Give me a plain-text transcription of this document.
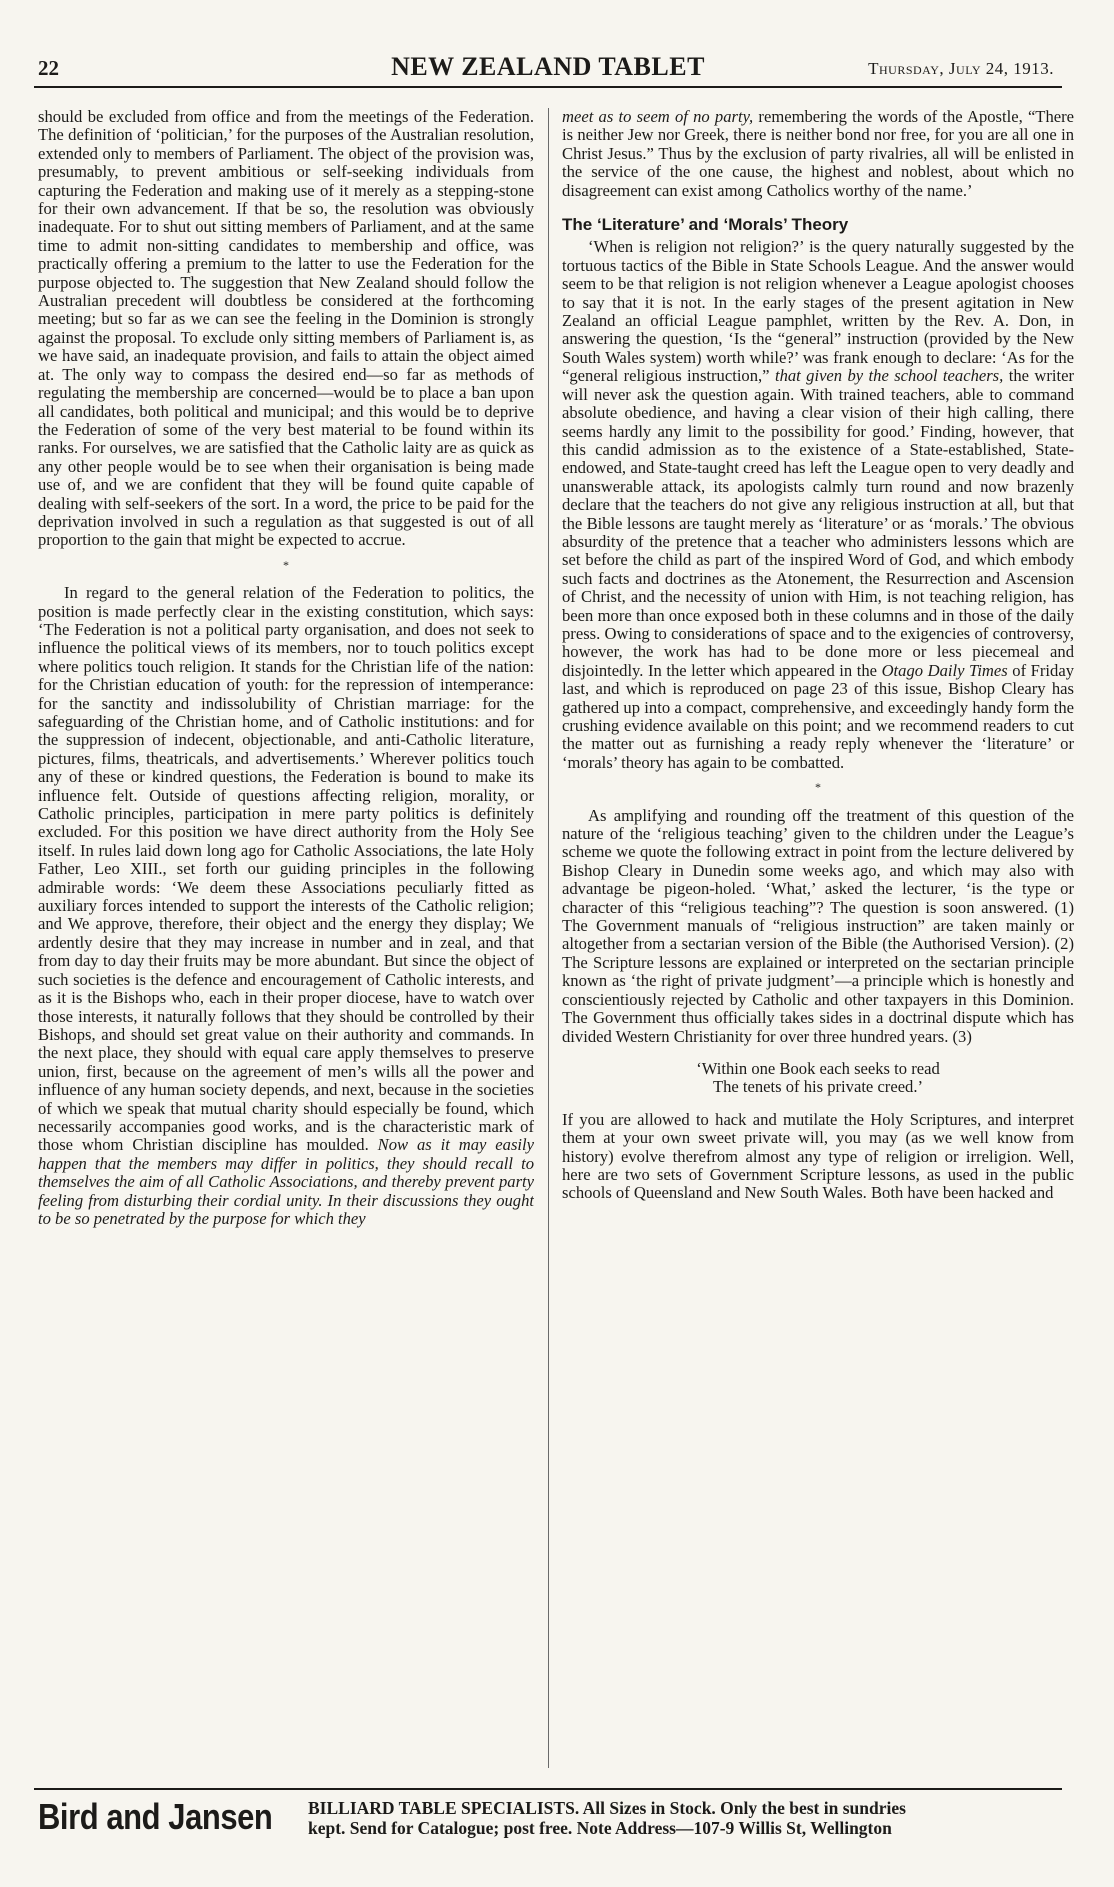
22	NEW ZEALAND TABLET	Thursday, July 24, 1913.

should be excluded from office and from the meetings of the Federation. The definition of ‘politician,’ for the purposes of the Australian resolution, extended only to members of Parliament. The object of the provision was, presumably, to prevent ambitious or self-seeking individuals from capturing the Federation and making use of it merely as a stepping-stone for their own advancement. If that be so, the resolution was obviously inadequate. For to shut out sitting members of Parliament, and at the same time to admit non-sitting candidates to membership and office, was practically offering a premium to the latter to use the Federation for the purpose objected to. The suggestion that New Zealand should follow the Australian precedent will doubtless be considered at the forthcoming meeting; but so far as we can see the feeling in the Dominion is strongly against the proposal. To exclude only sitting members of Parliament is, as we have said, an inadequate provision, and fails to attain the object aimed at. The only way to compass the desired end—so far as methods of regulating the membership are concerned—would be to place a ban upon all candidates, both political and municipal; and this would be to deprive the Federation of some of the very best material to be found within its ranks. For ourselves, we are satisfied that the Catholic laity are as quick as any other people would be to see when their organisation is being made use of, and we are confident that they will be found quite capable of dealing with self-seekers of the sort. In a word, the price to be paid for the deprivation involved in such a regulation as that suggested is out of all proportion to the gain that might be expected to accrue.

*

In regard to the general relation of the Federation to politics, the position is made perfectly clear in the existing constitution, which says: ‘The Federation is not a political party organisation, and does not seek to influence the political views of its members, nor to touch politics except where politics touch religion. It stands for the Christian life of the nation: for the Christian education of youth: for the repression of intemperance: for the sanctity and indissolubility of Christian marriage: for the safeguarding of the Christian home, and of Catholic institutions: and for the suppression of indecent, objectionable, and anti-Catholic literature, pictures, films, theatricals, and advertisements.’ Wherever politics touch any of these or kindred questions, the Federation is bound to make its influence felt. Outside of questions affecting religion, morality, or Catholic principles, participation in mere party politics is definitely excluded. For this position we have direct authority from the Holy See itself. In rules laid down long ago for Catholic Associations, the late Holy Father, Leo XIII., set forth our guiding principles in the following admirable words: ‘We deem these Associations peculiarly fitted as auxiliary forces intended to support the interests of the Catholic religion; and We approve, therefore, their object and the energy they display; We ardently desire that they may increase in number and in zeal, and that from day to day their fruits may be more abundant. But since the object of such societies is the defence and encouragement of Catholic interests, and as it is the Bishops who, each in their proper diocese, have to watch over those interests, it naturally follows that they should be controlled by their Bishops, and should set great value on their authority and commands. In the next place, they should with equal care apply themselves to preserve union, first, because on the agreement of men’s wills all the power and influence of any human society depends, and next, because in the societies of which we speak that mutual charity should especially be found, which necessarily accompanies good works, and is the characteristic mark of those whom Christian discipline has moulded. Now as it may easily happen that the members may differ in politics, they should recall to themselves the aim of all Catholic Associations, and thereby prevent party feeling from disturbing their cordial unity. In their discussions they ought to be so penetrated by the purpose for which they

meet as to seem of no party, remembering the words of the Apostle, “There is neither Jew nor Greek, there is neither bond nor free, for you are all one in Christ Jesus.” Thus by the exclusion of party rivalries, all will be enlisted in the service of the one cause, the highest and noblest, about which no disagreement can exist among Catholics worthy of the name.’

The ‘Literature’ and ‘Morals’ Theory

‘When is religion not religion?’ is the query naturally suggested by the tortuous tactics of the Bible in State Schools League. And the answer would seem to be that religion is not religion whenever a League apologist chooses to say that it is not. In the early stages of the present agitation in New Zealand an official League pamphlet, written by the Rev. A. Don, in answering the question, ‘Is the “general” instruction (provided by the New South Wales system) worth while?’ was frank enough to declare: ‘As for the “general religious instruction,” that given by the school teachers, the writer will never ask the question again. With trained teachers, able to command absolute obedience, and having a clear vision of their high calling, there seems hardly any limit to the possibility for good.’ Finding, however, that this candid admission as to the existence of a State-established, State-endowed, and State-taught creed has left the League open to very deadly and unanswerable attack, its apologists calmly turn round and now brazenly declare that the teachers do not give any religious instruction at all, but that the Bible lessons are taught merely as ‘literature’ or as ‘morals.’ The obvious absurdity of the pretence that a teacher who administers lessons which are set before the child as part of the inspired Word of God, and which embody such facts and doctrines as the Atonement, the Resurrection and Ascension of Christ, and the necessity of union with Him, is not teaching religion, has been more than once exposed both in these columns and in those of the daily press. Owing to considerations of space and to the exigencies of controversy, however, the work has had to be done more or less piecemeal and disjointedly. In the letter which appeared in the Otago Daily Times of Friday last, and which is reproduced on page 23 of this issue, Bishop Cleary has gathered up into a compact, comprehensive, and exceedingly handy form the crushing evidence available on this point; and we recommend readers to cut the matter out as furnishing a ready reply whenever the ‘literature’ or ‘morals’ theory has again to be combatted.

*

As amplifying and rounding off the treatment of this question of the nature of the ‘religious teaching’ given to the children under the League’s scheme we quote the following extract in point from the lecture delivered by Bishop Cleary in Dunedin some weeks ago, and which may also with advantage be pigeon-holed. ‘What,’ asked the lecturer, ‘is the type or character of this “religious teaching”? The question is soon answered. (1) The Government manuals of “religious instruction” are taken mainly or altogether from a sectarian version of the Bible (the Authorised Version). (2) The Scripture lessons are explained or interpreted on the sectarian principle known as ‘the right of private judgment’—a principle which is honestly and conscientiously rejected by Catholic and other taxpayers in this Dominion. The Government thus officially takes sides in a doctrinal dispute which has divided Western Christianity for over three hundred years. (3)

‘Within one Book each seeks to read
The tenets of his private creed.’

If you are allowed to hack and mutilate the Holy Scriptures, and interpret them at your own sweet private will, you may (as we well know from history) evolve therefrom almost any type of religion or irreligion. Well, here are two sets of Government Scripture lessons, as used in the public schools of Queensland and New South Wales. Both have been hacked and

Bird and Jansen BILLIARD TABLE SPECIALISTS. All Sizes in Stock. Only the best in sundries
kept. Send for Catalogue; post free. Note Address—107-9 Willis St, Wellington
